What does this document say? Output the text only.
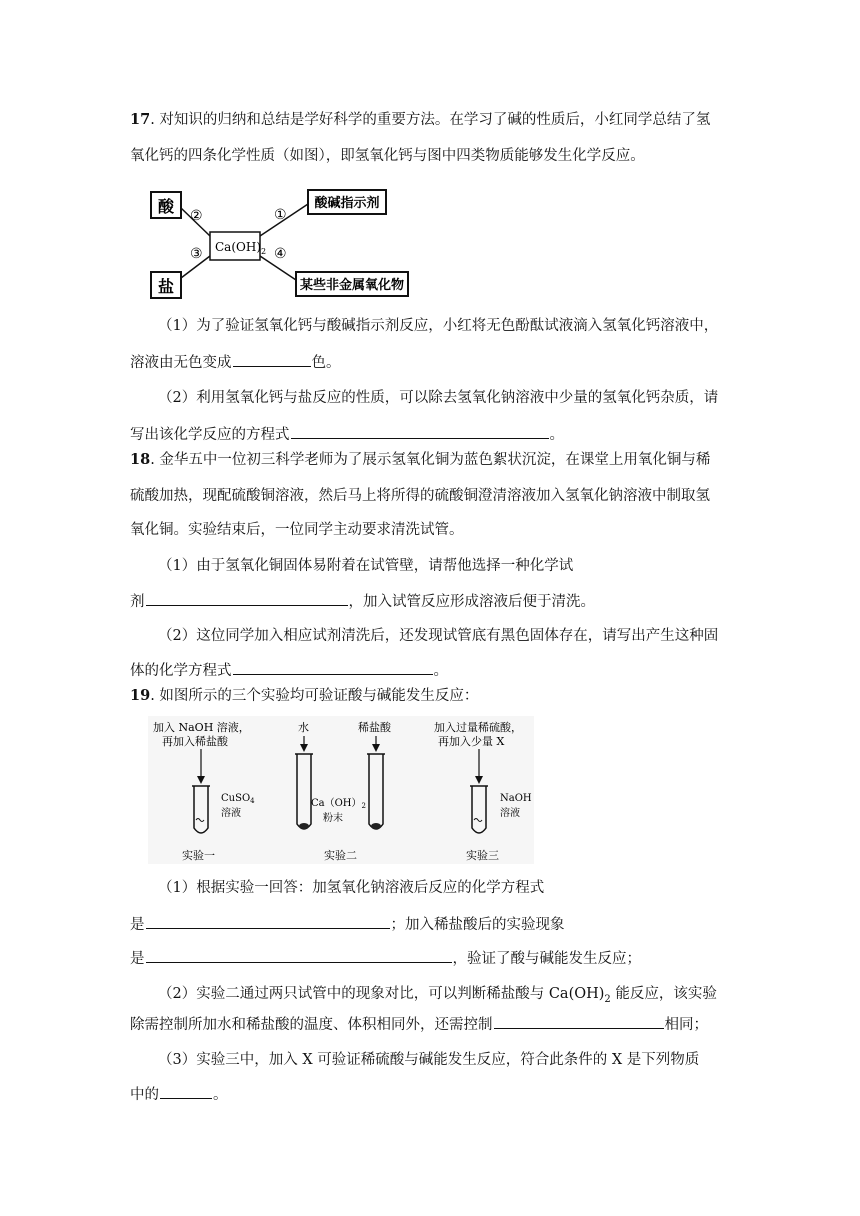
17. 对知识的归纳和总结是学好科学的重要方法。在学习了碱的性质后，小红同学总结了氢
氧化钙的四条化学性质（如图），即氢氧化钙与图中四类物质能够发生化学反应。
酸
盐
$Ca(OH)_2$
酸碱指示剂
某些非金属氧化物
②
③
①
④
（1）为了验证氢氧化钙与酸碱指示剂反应，小红将无色酚酞试液滴入氢氧化钙溶液中，
溶液由无色变成	色。
（2）利用氢氧化钙与盐反应的性质，可以除去氢氧化钠溶液中少量的氢氧化钙杂质，请
写出该化学反应的方程式	。
18. 金华五中一位初三科学老师为了展示氢氧化铜为蓝色絮状沉淀，在课堂上用氧化铜与稀
硫酸加热，现配硫酸铜溶液，然后马上将所得的硫酸铜澄清溶液加入氢氧化钠溶液中制取氢
氧化铜。实验结束后，一位同学主动要求清洗试管。
（1）由于氢氧化铜固体易附着在试管壁，请帮他选择一种化学试
剂	，加入试管反应形成溶液后便于清洗。
（2）这位同学加入相应试剂清洗后，还发现试管底有黑色固体存在，请写出产生这种固
体的化学方程式	。
19. 如图所示的三个实验均可验证酸与碱能发生反应：
加入 NaOH 溶液，
再加入稀盐酸
CuSO$_4$
溶液
实验一
水	稀盐酸
$Ca(OH)_2$
粉末
实验二
加入过量稀硫酸，
再加入少量 X
NaOH
溶液
实验三
（1）根据实验一回答：加氢氧化钠溶液后反应的化学方程式
是	；加入稀盐酸后的实验现象
是	，验证了酸与碱能发生反应；
（2）实验二通过两只试管中的现象对比，可以判断稀盐酸与 $Ca(OH)_2$ 能反应，该实验
除需控制所加水和稀盐酸的温度、体积相同外，还需控制	相同；
（3）实验三中，加入 X 可验证稀硫酸与碱能发生反应，符合此条件的 X 是下列物质
中的	。
